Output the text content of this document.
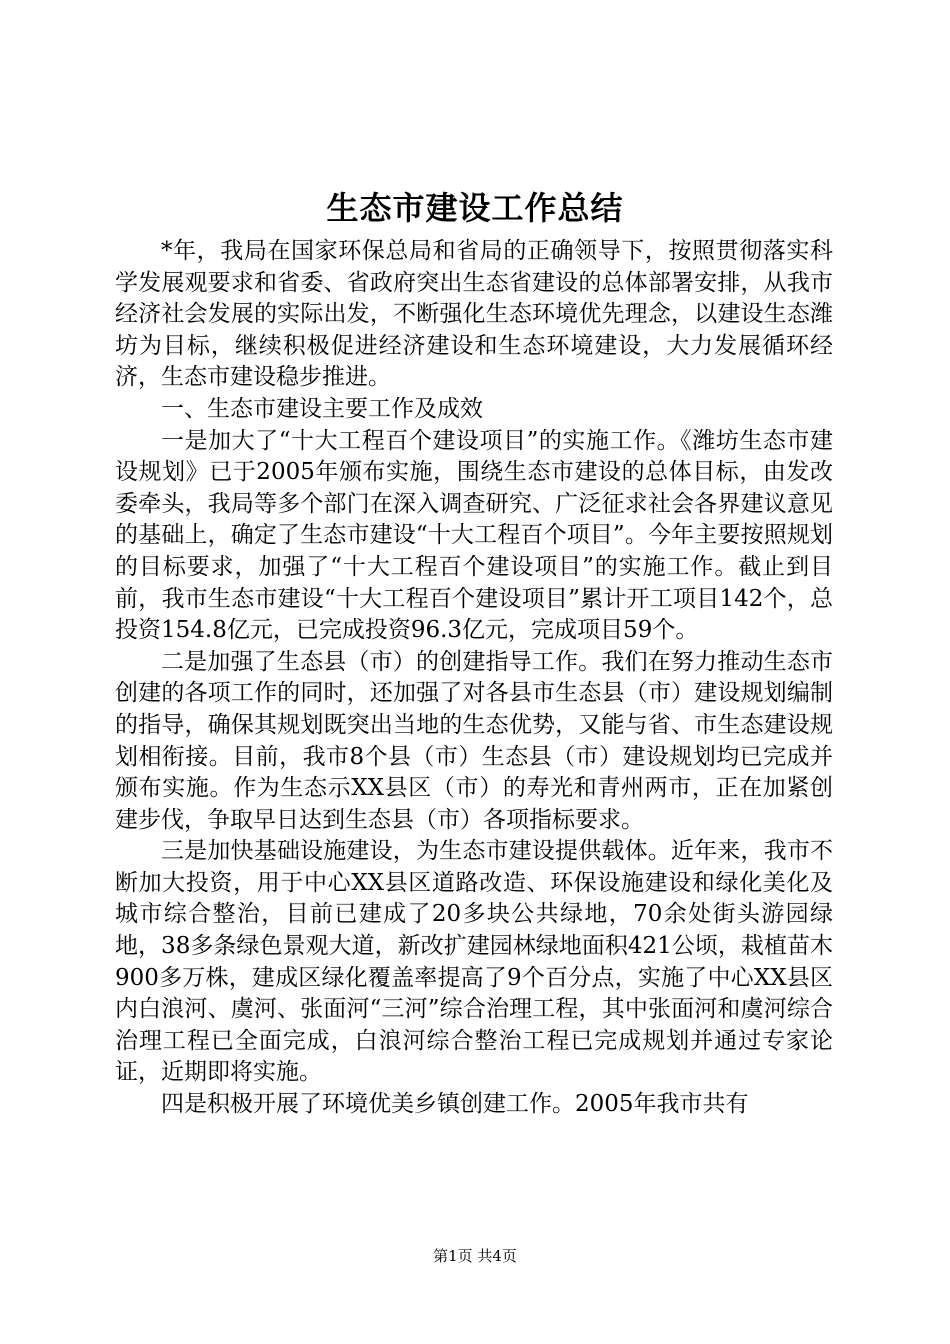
生态市建设工作总结

*年，我局在国家环保总局和省局的正确领导下，按照贯彻落实科学发展观要求和省委、省政府突出生态省建设的总体部署安排，从我市经济社会发展的实际出发，不断强化生态环境优先理念，以建设生态潍坊为目标，继续积极促进经济建设和生态环境建设，大力发展循环经济，生态市建设稳步推进。

一、生态市建设主要工作及成效

一是加大了“十大工程百个建设项目”的实施工作。《潍坊生态市建设规划》已于2005年颁布实施，围绕生态市建设的总体目标，由发改委牵头，我局等多个部门在深入调查研究、广泛征求社会各界建议意见的基础上，确定了生态市建设“十大工程百个项目”。今年主要按照规划的目标要求，加强了“十大工程百个建设项目”的实施工作。截止到目前，我市生态市建设“十大工程百个建设项目”累计开工项目142个，总投资154.8亿元，已完成投资96.3亿元，完成项目59个。

二是加强了生态县（市）的创建指导工作。我们在努力推动生态市创建的各项工作的同时，还加强了对各县市生态县（市）建设规划编制的指导，确保其规划既突出当地的生态优势，又能与省、市生态建设规划相衔接。目前，我市8个县（市）生态县（市）建设规划均已完成并颁布实施。作为生态示XX县区（市）的寿光和青州两市，正在加紧创建步伐，争取早日达到生态县（市）各项指标要求。

三是加快基础设施建设，为生态市建设提供载体。近年来，我市不断加大投资，用于中心XX县区道路改造、环保设施建设和绿化美化及城市综合整治，目前已建成了20多块公共绿地，70余处街头游园绿地，38多条绿色景观大道，新改扩建园林绿地面积421公顷，栽植苗木900多万株，建成区绿化覆盖率提高了9个百分点，实施了中心XX县区内白浪河、虞河、张面河“三河”综合治理工程，其中张面河和虞河综合治理工程已全面完成，白浪河综合整治工程已完成规划并通过专家论证，近期即将实施。

四是积极开展了环境优美乡镇创建工作。2005年我市共有

第1页 共4页
